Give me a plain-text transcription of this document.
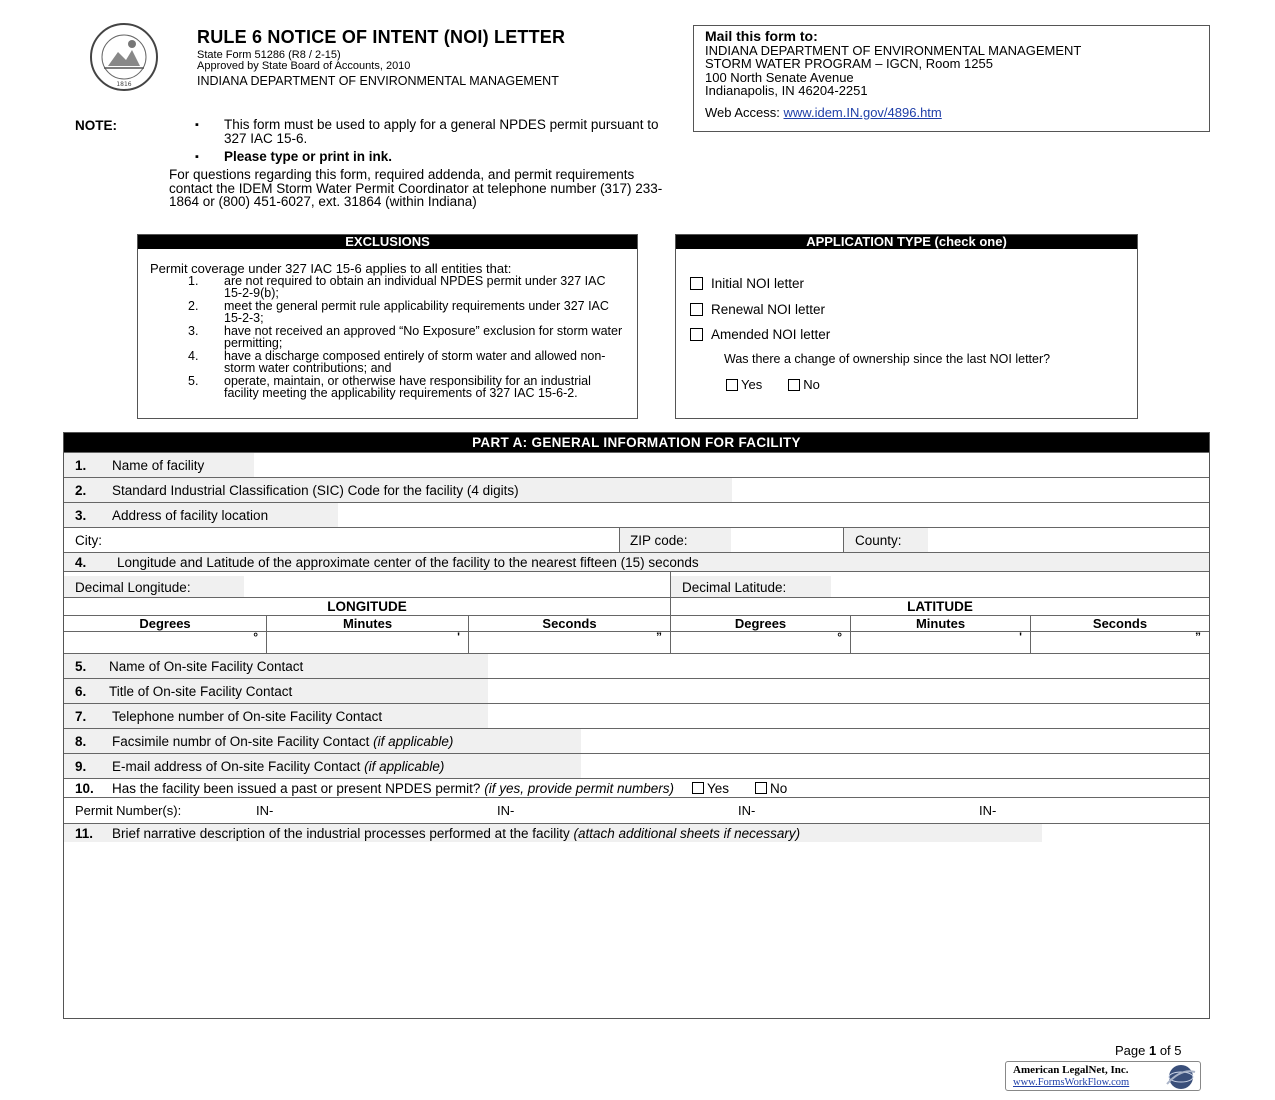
1816
RULE 6 NOTICE OF INTENT (NOI) LETTER
State Form 51286 (R8 / 2-15)
Approved by State Board of Accounts, 2010
INDIANA DEPARTMENT OF ENVIRONMENTAL MANAGEMENT
Mail this form to:
INDIANA DEPARTMENT OF ENVIRONMENTAL MANAGEMENT
STORM WATER PROGRAM – IGCN, Room 1255
100 North Senate Avenue
Indianapolis, IN 46204-2251
Web Access: www.idem.IN.gov/4896.htm
NOTE:
▪	This form must be used to apply for a general NPDES permit pursuant to 327 IAC 15-6.
▪ Please type or print in ink.
For questions regarding this form, required addenda, and permit requirements contact the IDEM Storm Water Permit Coordinator at telephone number (317) 233-1864 or (800) 451-6027, ext. 31864 (within Indiana)
EXCLUSIONS
Permit coverage under 327 IAC 15-6 applies to all entities that:
1. are not required to obtain an individual NPDES permit under 327 IAC 15-2-9(b);
2. meet the general permit rule applicability requirements under 327 IAC 15-2-3;
3. have not received an approved “No Exposure” exclusion for storm water permitting;
4. have a discharge composed entirely of storm water and allowed non-storm water contributions; and
5. operate, maintain, or otherwise have responsibility for an industrial facility meeting the applicability requirements of 327 IAC 15-6-2.
APPLICATION TYPE (check one)
Initial NOI letter
Renewal NOI letter
Amended NOI letter
Was there a change of ownership since the last NOI letter?
Yes	No
PART A: GENERAL INFORMATION FOR FACILITY
1.	Name of facility
2.	Standard Industrial Classification (SIC) Code for the facility (4 digits)
3.	Address of facility location
City:	ZIP code:	County:
4.	Longitude and Latitude of the approximate center of the facility to the nearest fifteen (15) seconds
Decimal Longitude:	Decimal Latitude:
LONGITUDE	LATITUDE
Degrees	Minutes	Seconds	Degrees	Minutes	Seconds
°	'	”	°	'	”
5.	Name of On-site Facility Contact
6.	Title of On-site Facility Contact
7.	Telephone number of On-site Facility Contact
8.	Facsimile numbr of On-site Facility Contact
(if applicable)
9.	E-mail address of On-site Facility Contact
(if applicable)
10.	Has the facility been issued a past or present NPDES permit?
(if yes, provide permit numbers) Yes	No
Permit Number(s):	IN-	IN-	IN-	IN-
11.	Brief narrative description of the industrial processes performed at the facility
(attach additional sheets if necessary)
Page 1 of 5
American LegalNet, Inc.
www.FormsWorkFlow.com
